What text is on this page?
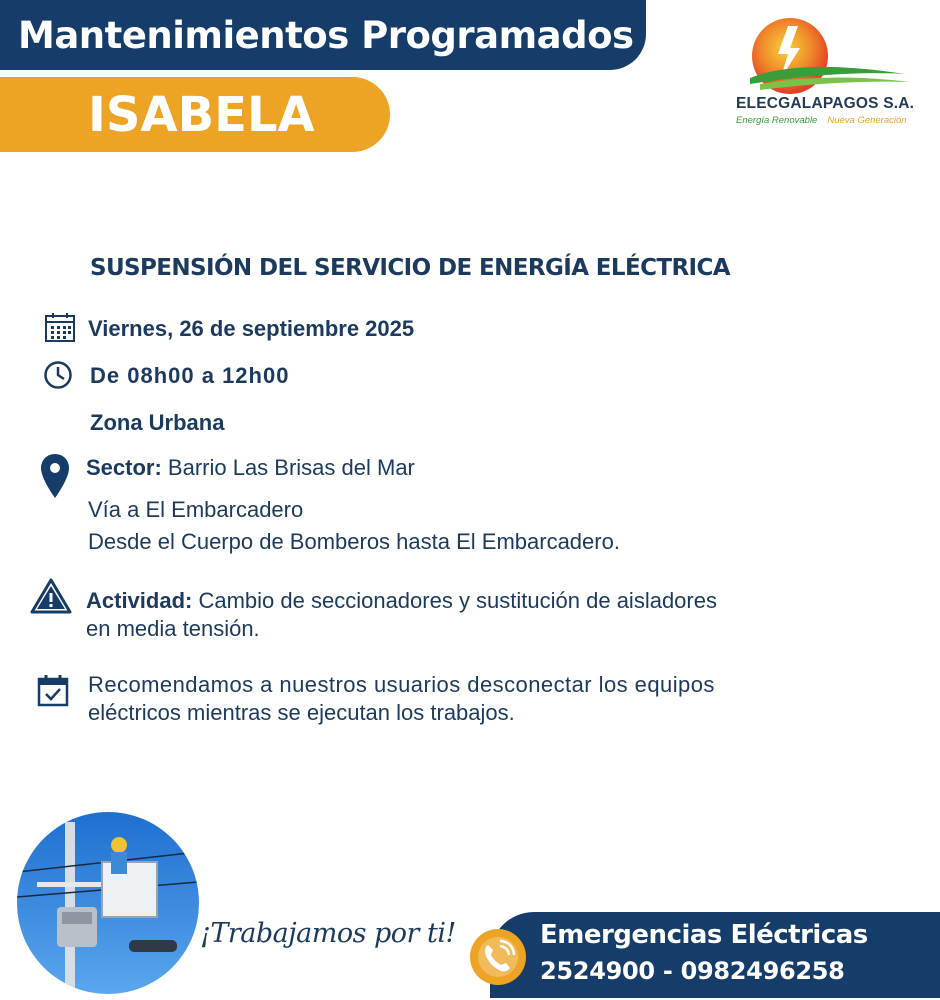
Mantenimientos Programados
ISABELA	ELECGALAPAGOS S.A.
Energía Renovable Nueva Generación
SUSPENSIÓN DEL SERVICIO DE ENERGÍA ELÉCTRICA
Viernes, 26 de septiembre 2025
De 08h00 a 12h00
Zona Urbana
Sector: Barrio Las Brisas del Mar
Vía a El Embarcadero
Desde el Cuerpo de Bomberos hasta El Embarcadero.
Actividad: Cambio de seccionadores y sustitución de aisladores
en media tensión.
Recomendamos a nuestros usuarios desconectar los equipos
eléctricos mientras se ejecutan los trabajos.
¡Trabajamos por ti!	Emergencias Eléctricas
2524900 - 0982496258
